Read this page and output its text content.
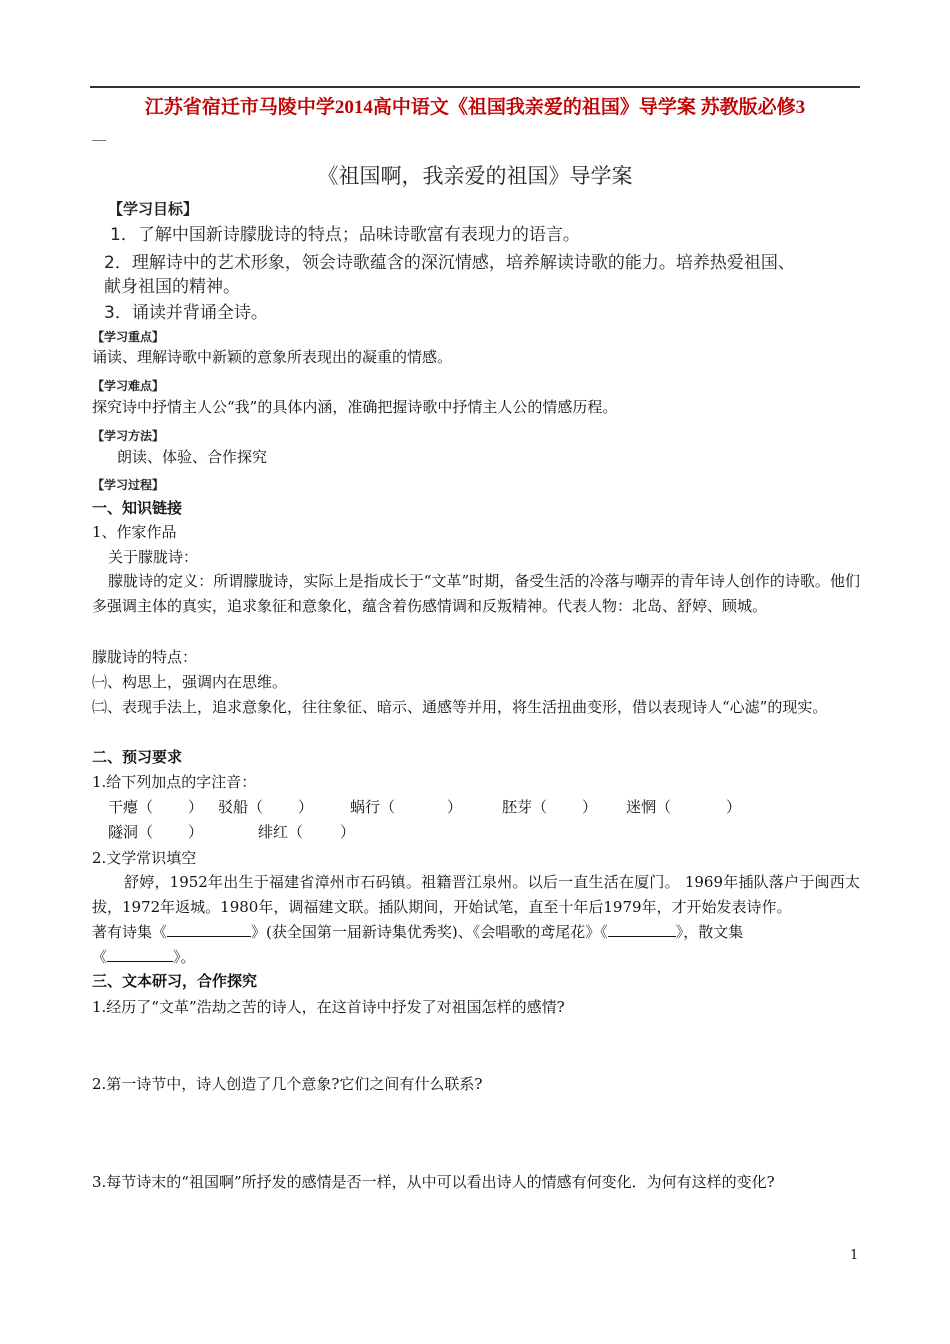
江苏省宿迁市马陵中学2014高中语文《祖国我亲爱的祖国》导学案 苏教版必修3
《祖国啊，我亲爱的祖国》导学案
【学习目标】
1．了解中国新诗朦胧诗的特点；品味诗歌富有表现力的语言。
2．理解诗中的艺术形象，领会诗歌蕴含的深沉情感，培养解读诗歌的能力。培养热爱祖国、
献身祖国的精神。
3．诵读并背诵全诗。
【学习重点】
诵读、理解诗歌中新颖的意象所表现出的凝重的情感。
【学习难点】
探究诗中抒情主人公“我”的具体内涵，准确把握诗歌中抒情主人公的情感历程。
【学习方法】
朗读、体验、合作探究
【学习过程】
一、知识链接
1、作家作品
关于朦胧诗：
朦胧诗的定义：所谓朦胧诗，实际上是指成长于“文革”时期，备受生活的冷落与嘲弄的青年诗人创作的诗歌。他们多强调主体的真实，追求象征和意象化，蕴含着伤感情调和反叛精神。代表人物：北岛、舒婷、顾城。
朦胧诗的特点：
㈠、构思上，强调内在思维。
㈡、表现手法上，追求意象化，往往象征、暗示、通感等并用，将生活扭曲变形，借以表现诗人“心滤”的现实。
二、预习要求
1.给下列加点的字注音：
干瘪（ ） 驳船（ ） 蜗行（	）	胚芽（ ） 迷惘（	）
隧洞（ ）	绯红（ ）
2.文学常识填空
舒婷，1952年出生于福建省漳州市石码镇。祖籍晋江泉州。以后一直生活在厦门。 1969年插队落户于闽西太拔，1972年返城。1980年，调福建文联。插队期间，开始试笔，直至十年后1979年，才开始发表诗作。
著有诗集《	》(获全国第一届新诗集优秀奖)、《会唱歌的鸢尾花》《	》，散文集
《	》。
三、文本研习，合作探究
1.经历了“文革”浩劫之苦的诗人，在这首诗中抒发了对祖国怎样的感情?
2.第一诗节中，诗人创造了几个意象?它们之间有什么联系?
3.每节诗末的“祖国啊”所抒发的感情是否一样，从中可以看出诗人的情感有何变化．为何有这样的变化?
1
